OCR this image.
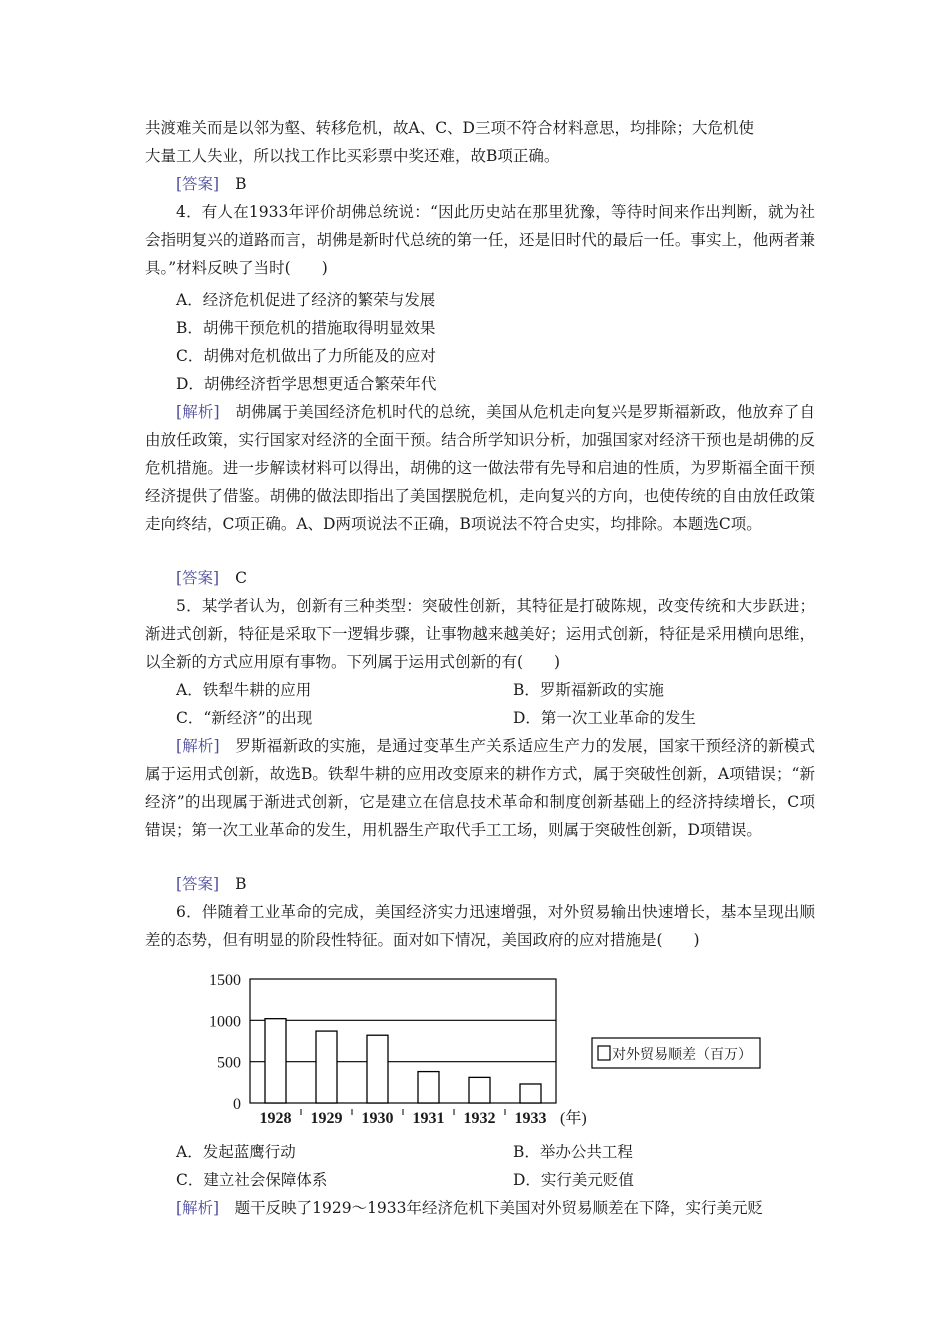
共渡难关而是以邻为壑、转移危机，故A、C、D三项不符合材料意思，均排除；大危机使

大量工人失业，所以找工作比买彩票中奖还难，故B项正确。

[答案] B

4．有人在1933年评价胡佛总统说：“因此历史站在那里犹豫，等待时间来作出判断，就为社会指明复兴的道路而言，胡佛是新时代总统的第一任，还是旧时代的最后一任。事实上，他两者兼具。”材料反映了当时(　　)

A．经济危机促进了经济的繁荣与发展

B．胡佛干预危机的措施取得明显效果

C．胡佛对危机做出了力所能及的应对

D．胡佛经济哲学思想更适合繁荣年代

[解析]　 胡佛属于美国经济危机时代的总统，美国从危机走向复兴是罗斯福新政，他放弃了自由放任政策，实行国家对经济的全面干预。结合所学知识分析，加强国家对经济干预也是胡佛的反危机措施。进一步解读材料可以得出，胡佛的这一做法带有先导和启迪的性质，为罗斯福全面干预经济提供了借鉴。胡佛的做法即指出了美国摆脱危机，走向复兴的方向，也使传统的自由放任政策走向终结，C项正确。A、D两项说法不正确，B项说法不符合史实，均排除。本题选C项。

[答案] C

5．某学者认为，创新有三种类型：突破性创新，其特征是打破陈规，改变传统和大步跃进；渐进式创新，特征是采取下一逻辑步骤，让事物越来越美好；运用式创新，特征是采用横向思维，以全新的方式应用原有事物。下列属于运用式创新的有(　　)

A．铁犁牛耕的应用	B．罗斯福新政的实施

C．“新经济”的出现	D．第一次工业革命的发生

[解析]　 罗斯福新政的实施，是通过变革生产关系适应生产力的发展，国家干预经济的新模式属于运用式创新，故选B。铁犁牛耕的应用改变原来的耕作方式，属于突破性创新，A项错误；“新经济”的出现属于渐进式创新，它是建立在信息技术革命和制度创新基础上的经济持续增长，C项错误；第一次工业革命的发生，用机器生产取代手工工场，则属于突破性创新，D项错误。

[答案] B

6．伴随着工业革命的完成，美国经济实力迅速增强，对外贸易输出快速增长，基本呈现出顺差的态势，但有明显的阶段性特征。面对如下情况，美国政府的应对措施是(　　)

0
500
1000
1500
1928 1929 1930 1931 1932 1933 (年)
对外贸易顺差（百万）

A．发起蓝鹰行动	B．举办公共工程

C．建立社会保障体系	D．实行美元贬值

[解析]　 题干反映了1929～1933年经济危机下美国对外贸易顺差在下降，实行美元贬
